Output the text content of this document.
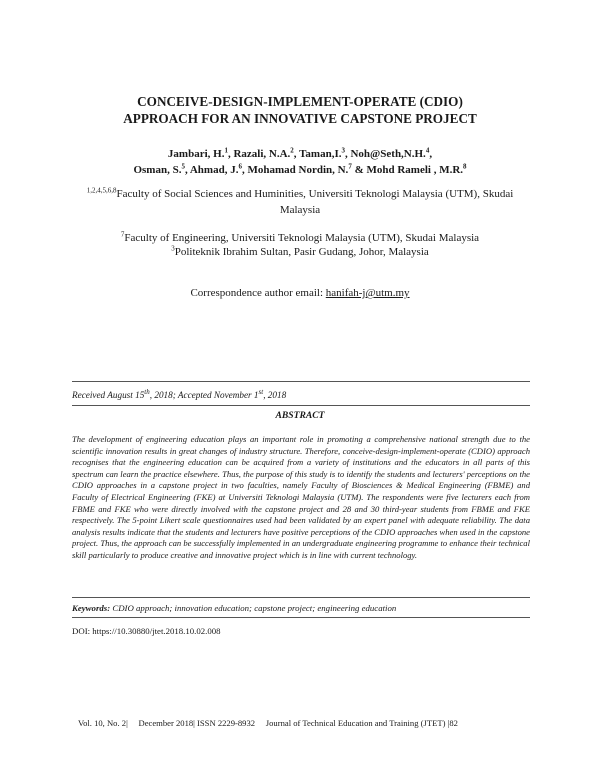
CONCEIVE-DESIGN-IMPLEMENT-OPERATE (CDIO)
APPROACH FOR AN INNOVATIVE CAPSTONE PROJECT
Jambari, H.$^1$, Razali, N.A.$^2$, Taman,I.$^3$, Noh@Seth,N.H.$^4$,
Osman, S.$^5$, Ahmad, J.$^6$, Mohamad Nordin, N.$^7$ & Mohd Rameli , M.R.$^8$
$^{1,2,4,5,6,8}$Faculty of Social Sciences and Huminities, Universiti Teknologi Malaysia (UTM), Skudai
Malaysia
$^7$Faculty of Engineering, Universiti Teknologi Malaysia (UTM), Skudai Malaysia
$^3$Politeknik Ibrahim Sultan, Pasir Gudang, Johor, Malaysia
Correspondence author email: hanifah-j@utm.my
Received August 15th, 2018; Accepted November 1st, 2018
ABSTRACT
The development of engineering education plays an important role in promoting a comprehensive national strength due to the scientific innovation results in great changes of industry structure. Therefore, conceive-design-implement-operate (CDIO) approach recognises that the engineering education can be acquired from a variety of institutions and the educators in all parts of this spectrum can learn the practice elsewhere. Thus, the purpose of this study is to identify the students and lecturers' perceptions on the CDIO approaches in a capstone project in two faculties, namely Faculty of Biosciences & Medical Engineering (FBME) and Faculty of Electrical Engineering (FKE) at Universiti Teknologi Malaysia (UTM). The respondents were five lecturers each from FBME and FKE who were directly involved with the capstone project and 28 and 30 third-year students from FBME and FKE respectively. The 5-point Likert scale questionnaires used had been validated by an expert panel with adequate reliability. The data analysis results indicate that the students and lecturers have positive perceptions of the CDIO approaches when used in the capstone project. Thus, the approach can be successfully implemented in an undergraduate engineering programme to enhance their technical skill particularly to produce creative and innovative project which is in line with current technology.
Keywords: CDIO approach; innovation education; capstone project; engineering education
DOI: https://10.30880/jtet.2018.10.02.008
Vol. 10, No. 2|     December 2018| ISSN 2229-8932     Journal of Technical Education and Training (JTET) |82
